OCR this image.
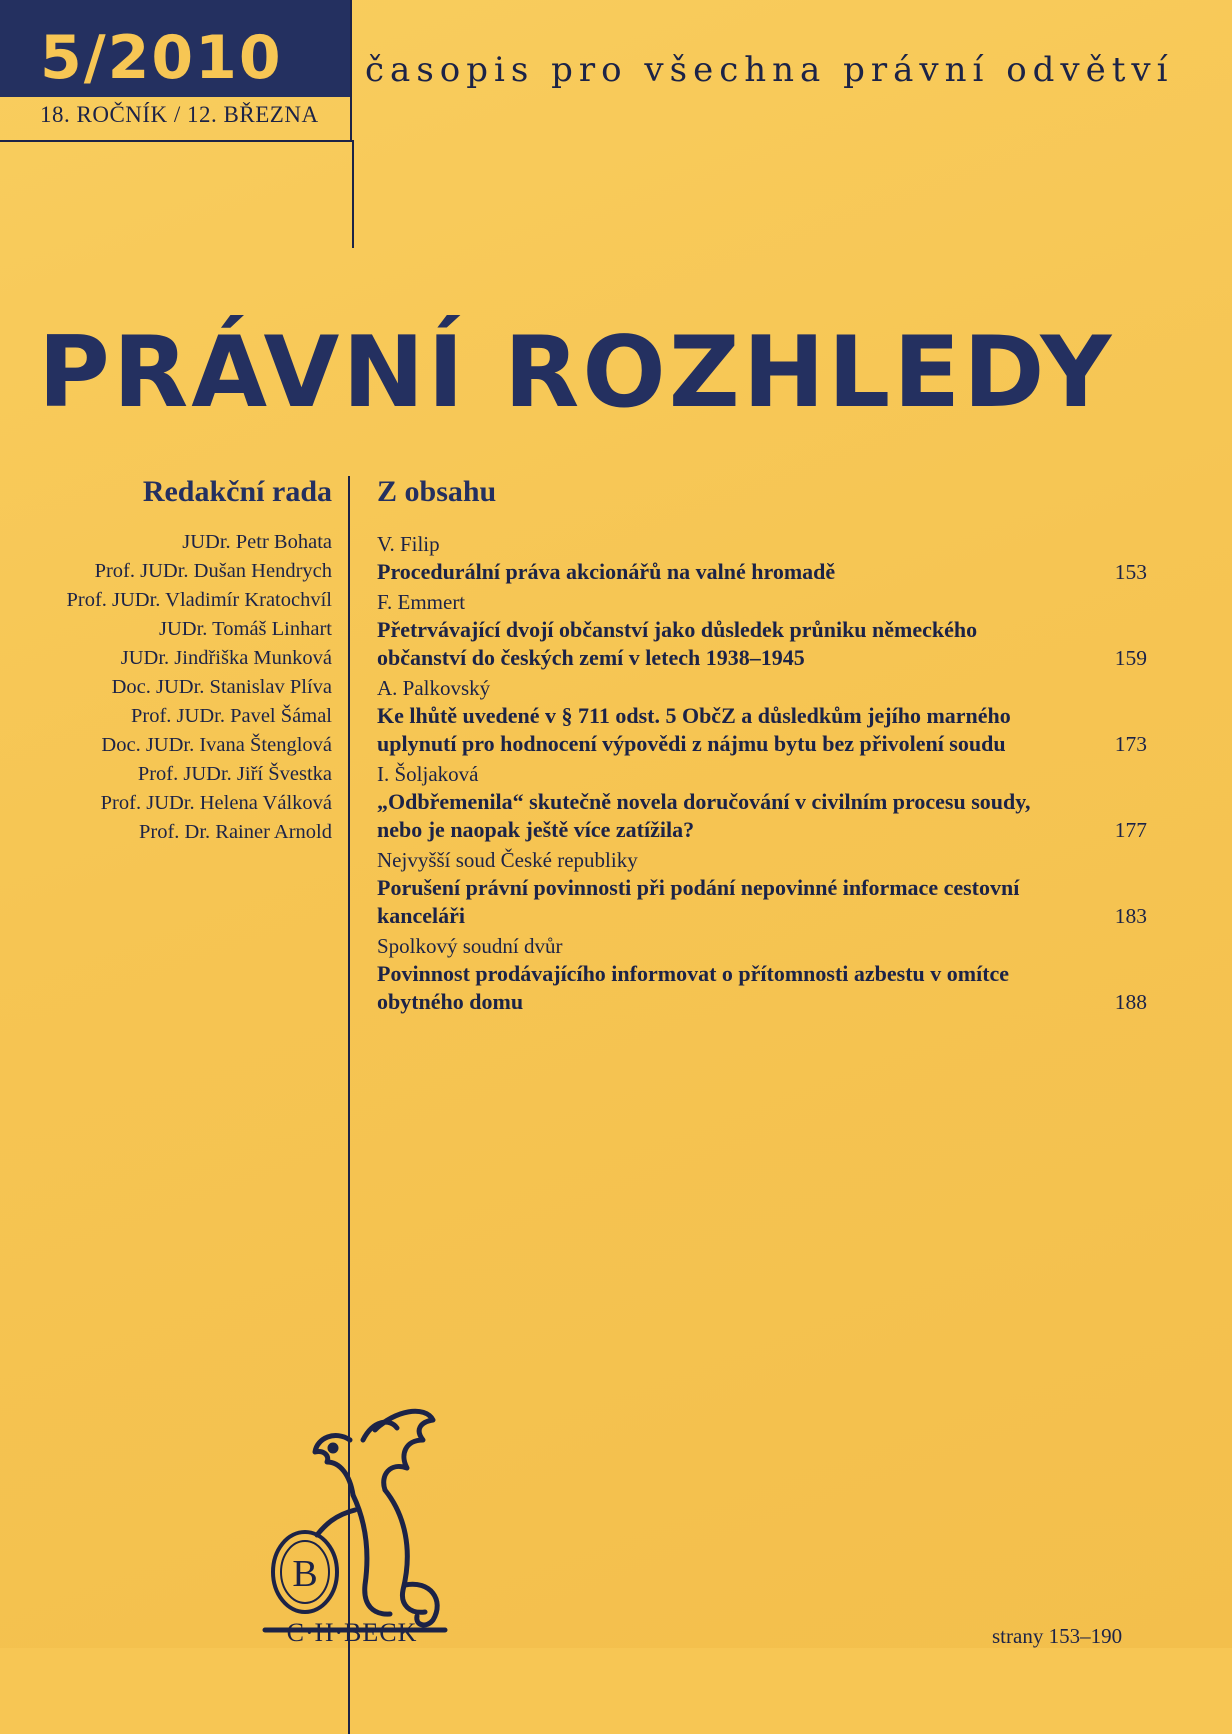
5/2010
18. ROČNÍK / 12. BŘEZNA
časopis pro všechna právní odvětví
PRÁVNÍ ROZHLEDY
Redakční rada
JUDr. Petr Bohata
Prof. JUDr. Dušan Hendrych
Prof. JUDr. Vladimír Kratochvíl
JUDr. Tomáš Linhart
JUDr. Jindřiška Munková
Doc. JUDr. Stanislav Plíva
Prof. JUDr. Pavel Šámal
Doc. JUDr. Ivana Štenglová
Prof. JUDr. Jiří Švestka
Prof. JUDr. Helena Válková
Prof. Dr. Rainer Arnold
Z obsahu
V. Filip
Procedurální práva akcionářů na valné hromadě	153
F. Emmert
Přetrvávající dvojí občanství jako důsledek průniku německého občanství do českých zemí v letech 1938–1945	159
A. Palkovský
Ke lhůtě uvedené v § 711 odst. 5 ObčZ a důsledkům jejího marného uplynutí pro hodnocení výpovědi z nájmu bytu bez přivolení soudu	173
I. Šoljaková
„Odbřemenila“ skutečně novela doručování v civilním procesu soudy, nebo je naopak ještě více zatížila?	177
Nejvyšší soud České republiky
Porušení právní povinnosti při podání nepovinné informace cestovní kanceláři	183
Spolkový soudní dvůr
Povinnost prodávajícího informovat o přítomnosti azbestu v omítce obytného domu	188
B
C·H·BECK	strany 153–190
